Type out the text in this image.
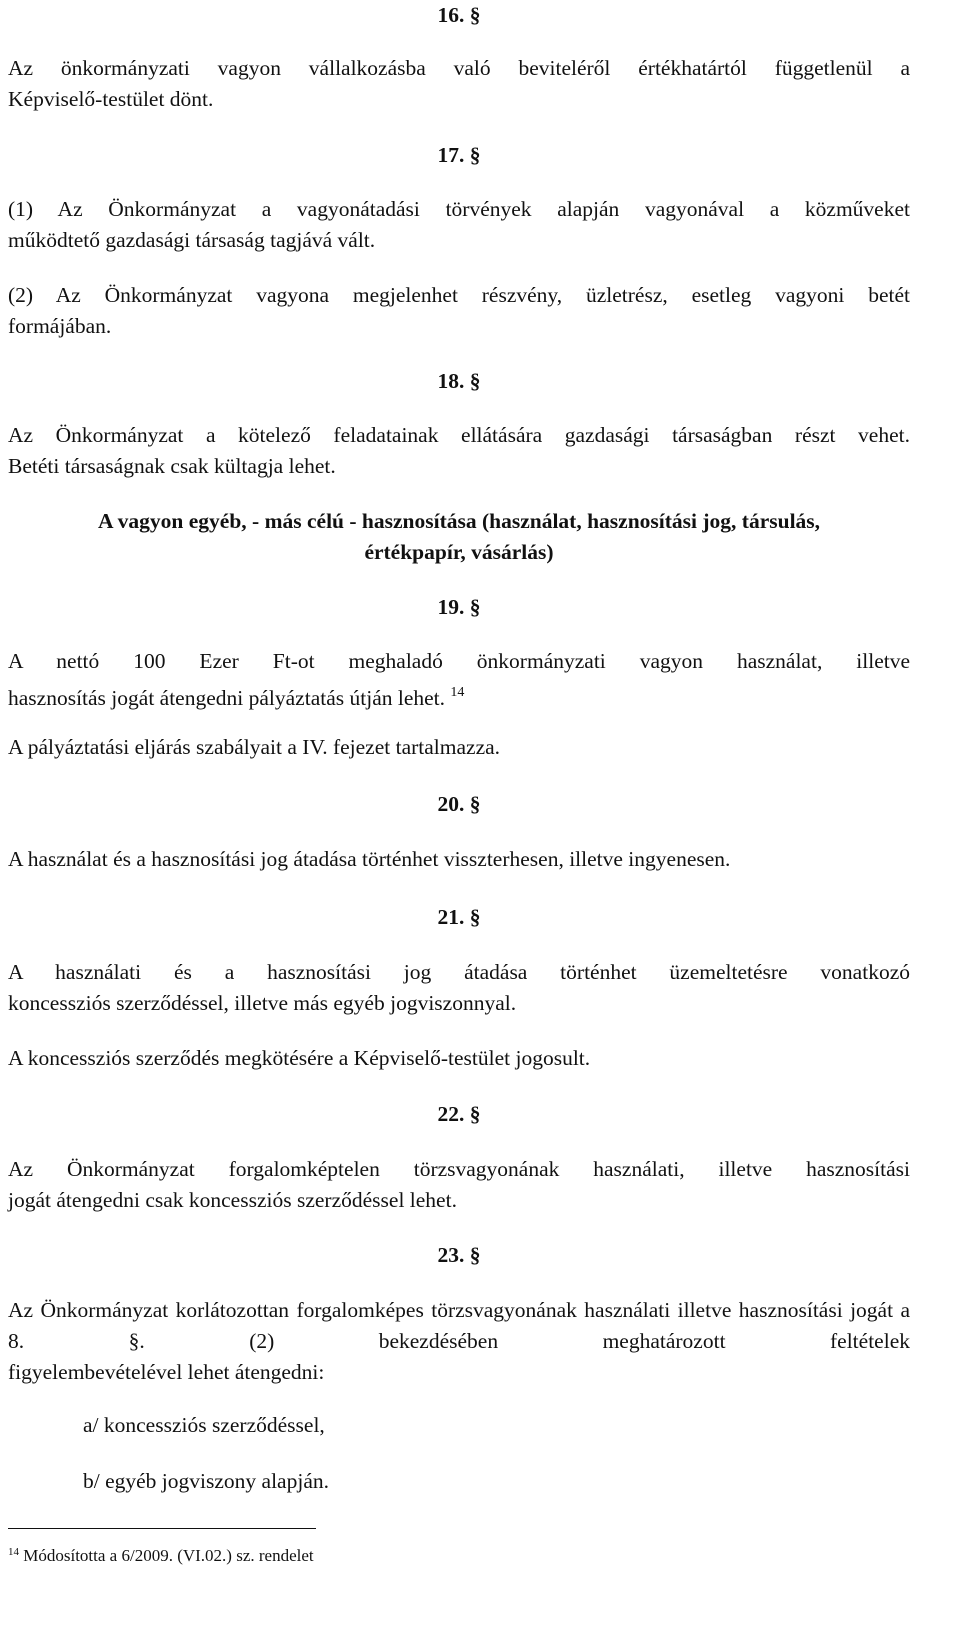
16. §
Az önkormányzati vagyon vállalkozásba való beviteléről értékhatártól függetlenül a
Képviselő-testület dönt.
17. §
(1) Az Önkormányzat a vagyonátadási törvények alapján vagyonával a közműveket
működtető gazdasági társaság tagjává vált.
(2) Az Önkormányzat vagyona megjelenhet részvény, üzletrész, esetleg vagyoni betét
formájában.
18. §
Az Önkormányzat a kötelező feladatainak ellátására gazdasági társaságban részt vehet.
Betéti társaságnak csak kültagja lehet.
A vagyon egyéb, - más célú - hasznosítása (használat, hasznosítási jog, társulás,
értékpapír, vásárlás)
19. §
A nettó 100 Ezer Ft-ot meghaladó önkormányzati vagyon használat, illetve
hasznosítás jogát átengedni pályáztatás útján lehet. $^{14}$
A pályáztatási eljárás szabályait a IV. fejezet tartalmazza.
20. §
A használat és a hasznosítási jog átadása történhet visszterhesen, illetve ingyenesen.
21. §
A használati és a hasznosítási jog átadása történhet üzemeltetésre vonatkozó
koncessziós szerződéssel, illetve más egyéb jogviszonnyal.
A koncessziós szerződés megkötésére a Képviselő-testület jogosult.
22. §
Az Önkormányzat forgalomképtelen törzsvagyonának használati, illetve hasznosítási
jogát átengedni csak koncessziós szerződéssel lehet.
23. §
Az Önkormányzat korlátozottan forgalomképes törzsvagyonának használati illetve hasznosítási jogát a 8. §. (2) bekezdésében meghatározott feltételek
figyelembevételével lehet átengedni:
a/ koncessziós szerződéssel,
b/ egyéb jogviszony alapján.
$^{14}$ Módosította a 6/2009. (VI.02.) sz. rendelet
